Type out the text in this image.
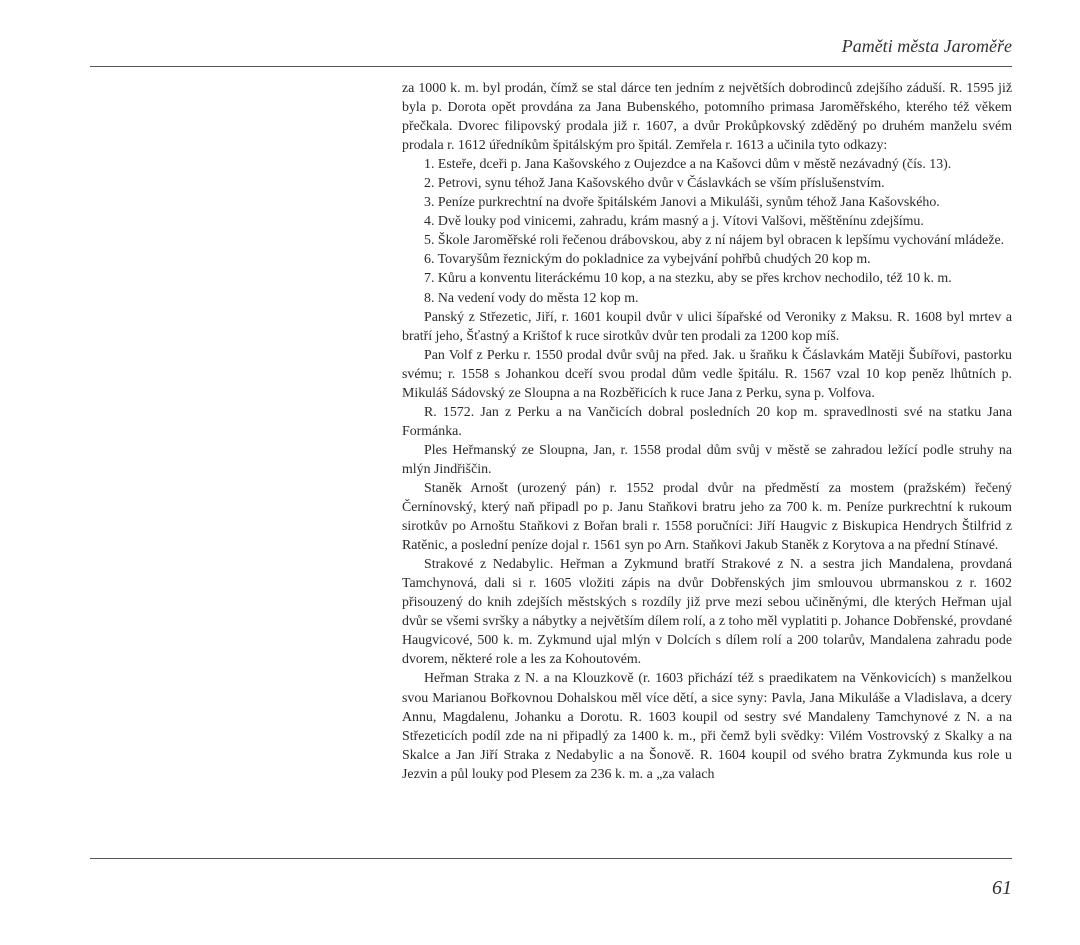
Paměti města Jaroměře

za 1000 k. m. byl prodán, čímž se stal dárce ten jedním z největších dobrodinců zdejšího záduší. R. 1595 již byla p. Dorota opět provdána za Jana Bubenského, potomního primasa Jaroměřského, kterého též věkem přečkala. Dvorec filipovský prodala již r. 1607, a dvůr Prokůpkovský zděděný po druhém manželu svém prodala r. 1612 úředníkům špitálským pro špitál. Zemřela r. 1613 a učinila tyto odkazy:

1. Esteře, dceři p. Jana Kašovského z Oujezdce a na Kašovci dům v městě nezávadný (čís. 13).

2. Petrovi, synu téhož Jana Kašovského dvůr v Čáslavkách se vším příslušenstvím.

3. Peníze purkrechtní na dvoře špitálském Janovi a Mikuláši, synům téhož Jana Kašovského.

4. Dvě louky pod vinicemi, zahradu, krám masný a j. Vítovi Valšovi, měštěnínu zdejšímu.

5. Škole Jaroměřské roli řečenou drábovskou, aby z ní nájem byl obracen k lepšímu vychování mládeže.

6. Tovaryšům řeznickým do pokladnice za vybejvání pohřbů chudých 20 kop m.

7. Kůru a konventu literáckému 10 kop, a na stezku, aby se přes krchov nechodilo, též 10 k. m.

8. Na vedení vody do města 12 kop m.

Panský z Střezetic, Jiří, r. 1601 koupil dvůr v ulici šípařské od Veroniky z Maksu. R. 1608 byl mrtev a bratří jeho, Šťastný a Krištof k ruce sirotkův dvůr ten prodali za 1200 kop míš.

Pan Volf z Perku r. 1550 prodal dvůr svůj na před. Jak. u šraňku k Čáslavkám Matěji Šubířovi, pastorku svému; r. 1558 s Johankou dceří svou prodal dům vedle špitálu. R. 1567 vzal 10 kop peněz lhůtních p. Mikuláš Sádovský ze Sloupna a na Rozběřicích k ruce Jana z Perku, syna p. Volfova.

R. 1572. Jan z Perku a na Vančicích dobral posledních 20 kop m. spravedlnosti své na statku Jana Formánka.

Ples Heřmanský ze Sloupna, Jan, r. 1558 prodal dům svůj v městě se zahradou ležící podle struhy na mlýn Jindřiščin.

Staněk Arnošt (urozený pán) r. 1552 prodal dvůr na předměstí za mostem (pražském) řečený Černínovský, který naň připadl po p. Janu Staňkovi bratru jeho za 700 k. m. Peníze purkrechtní k rukoum sirotkův po Arnoštu Staňkovi z Bořan brali r. 1558 poručníci: Jiří Haugvic z Biskupica Hendrych Štilfrid z Ratěnic, a poslední peníze dojal r. 1561 syn po Arn. Staňkovi Jakub Staněk z Korytova a na přední Stínavé.

Strakové z Nedabylic. Heřman a Zykmund bratří Strakové z N. a sestra jich Mandalena, provdaná Tamchynová, dali si r. 1605 vložiti zápis na dvůr Dobřenských jim smlouvou ubrmanskou z r. 1602 přisouzený do knih zdejších městských s rozdíly již prve mezi sebou učiněnými, dle kterých Heřman ujal dvůr se všemi svršky a nábytky a největším dílem rolí, a z toho měl vyplatiti p. Johance Dobřenské, provdané Haugvicové, 500 k. m. Zykmund ujal mlýn v Dolcích s dílem rolí a 200 tolarův, Mandalena zahradu pode dvorem, některé role a les za Kohoutovém.

Heřman Straka z N. a na Klouzkově (r. 1603 přichází též s praedikatem na Věnkovicích) s manželkou svou Marianou Bořkovnou Dohalskou měl více dětí, a sice syny: Pavla, Jana Mikuláše a Vladislava, a dcery Annu, Magdalenu, Johanku a Dorotu. R. 1603 koupil od sestry své Mandaleny Tamchynové z N. a na Střezeticích podíl zde na ni připadlý za 1400 k. m., při čemž byli svědky: Vilém Vostrovský z Skalky a na Skalce a Jan Jiří Straka z Nedabylic a na Šonově. R. 1604 koupil od svého bratra Zykmunda kus role u Jezvin a půl louky pod Plesem za 236 k. m. a „za valach

61
